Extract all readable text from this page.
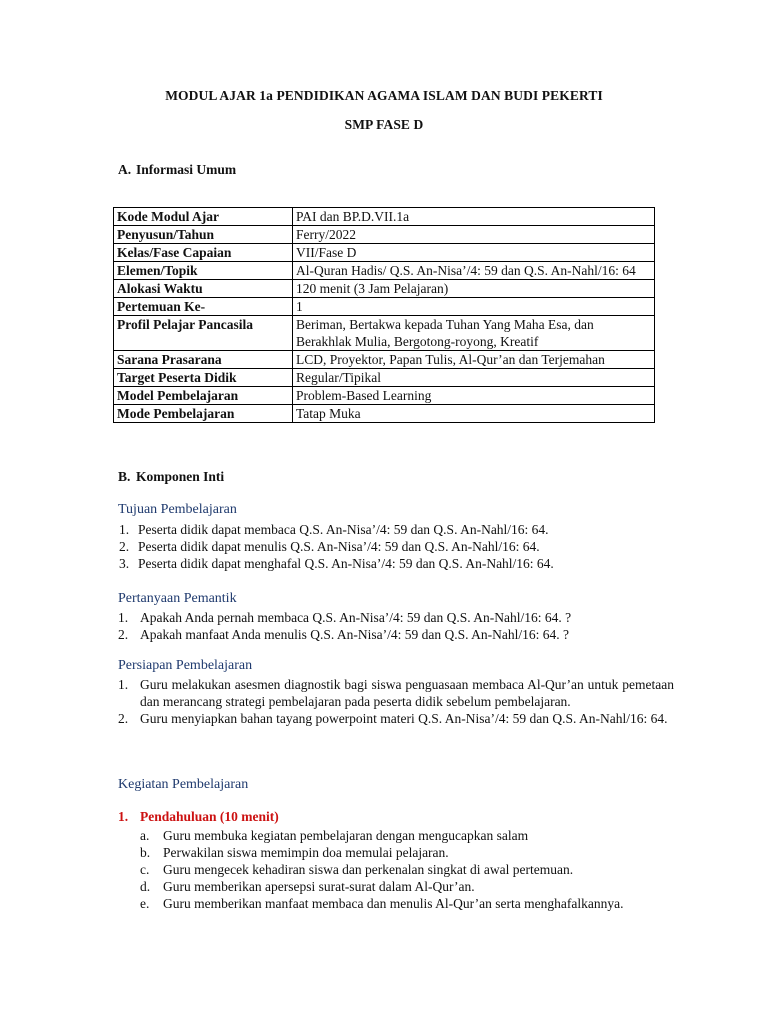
MODUL AJAR 1a PENDIDIKAN AGAMA ISLAM DAN BUDI PEKERTI
SMP FASE D
A. Informasi Umum
Kode Modul Ajar	PAI dan BP.D.VII.1a
Penyusun/Tahun	Ferry/2022
Kelas/Fase Capaian	VII/Fase D
Elemen/Topik	Al-Quran Hadis/ Q.S. An-Nisa’/4: 59 dan Q.S. An-Nahl/16: 64
Alokasi Waktu	120 menit (3 Jam Pelajaran)
Pertemuan Ke-	1
Profil Pelajar Pancasila	Beriman, Bertakwa kepada Tuhan Yang Maha Esa, dan Berakhlak Mulia, Bergotong-royong, Kreatif
Sarana Prasarana	LCD, Proyektor, Papan Tulis, Al-Qur’an dan Terjemahan
Target Peserta Didik	Regular/Tipikal
Model Pembelajaran	Problem-Based Learning
Mode Pembelajaran	Tatap Muka
B. Komponen Inti
Tujuan Pembelajaran
1. Peserta didik dapat membaca Q.S. An-Nisa’/4: 59 dan Q.S. An-Nahl/16: 64.
2. Peserta didik dapat menulis Q.S. An-Nisa’/4: 59 dan Q.S. An-Nahl/16: 64.
3. Peserta didik dapat menghafal Q.S. An-Nisa’/4: 59 dan Q.S. An-Nahl/16: 64.
Pertanyaan Pemantik
1. Apakah Anda pernah membaca Q.S. An-Nisa’/4: 59 dan Q.S. An-Nahl/16: 64. ?
2. Apakah manfaat Anda menulis Q.S. An-Nisa’/4: 59 dan Q.S. An-Nahl/16: 64. ?
Persiapan Pembelajaran
1. Guru melakukan asesmen diagnostik bagi siswa penguasaan membaca Al-Qur’an untuk pemetaan dan merancang strategi pembelajaran pada peserta didik sebelum pembelajaran.
2. Guru menyiapkan bahan tayang powerpoint materi Q.S. An-Nisa’/4: 59 dan Q.S. An-Nahl/16: 64.
Kegiatan Pembelajaran
1. Pendahuluan (10 menit)
a. Guru membuka kegiatan pembelajaran dengan mengucapkan salam
b. Perwakilan siswa memimpin doa memulai pelajaran.
c. Guru mengecek kehadiran siswa dan perkenalan singkat di awal pertemuan.
d. Guru memberikan apersepsi surat-surat dalam Al-Qur’an.
e. Guru memberikan manfaat membaca dan menulis Al-Qur’an serta menghafalkannya.
